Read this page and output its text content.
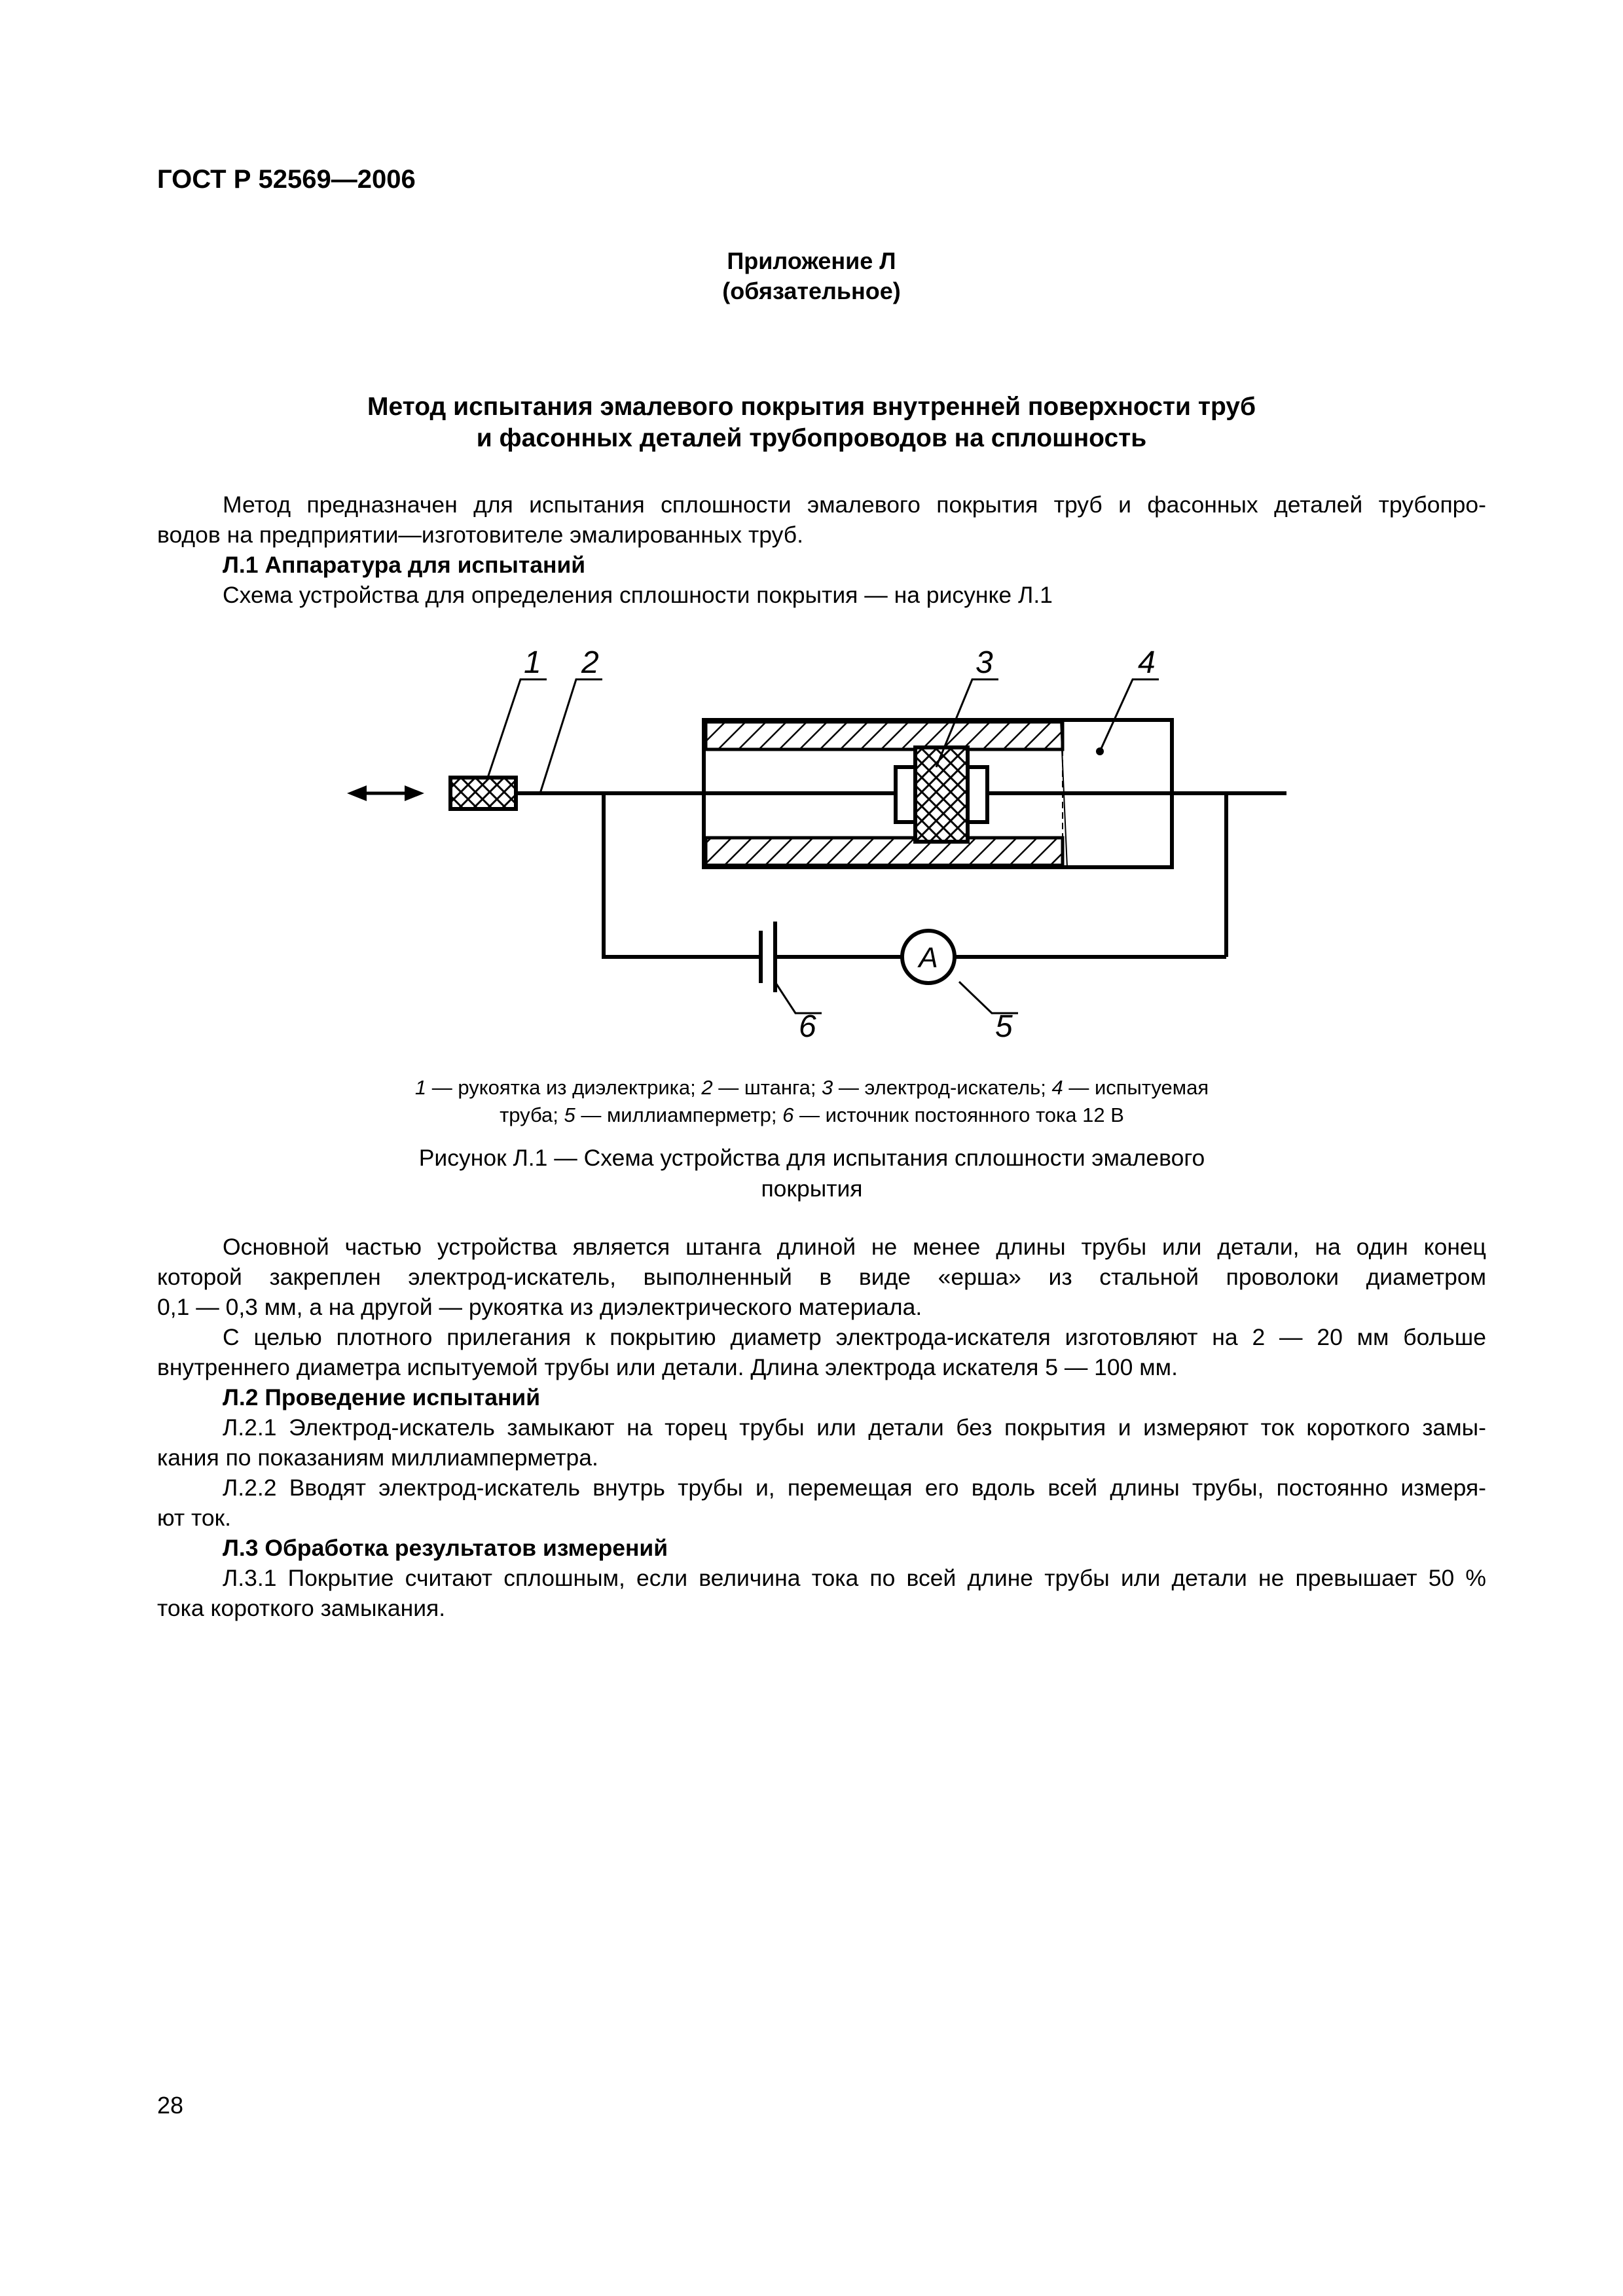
ГОСТ Р 52569—2006
Приложение Л
(обязательное)
Метод испытания эмалевого покрытия внутренней поверхности труб
и фасонных деталей трубопроводов на сплошность
Метод предназначен для испытания сплошности эмалевого покрытия труб и фасонных деталей трубопро-
водов на предприятии—изготовителе эмалированных труб.
Л.1 Аппаратура для испытаний
Схема устройства для определения сплошности покрытия — на рисунке Л.1
A
1 2	3	4
5
6
1 — рукоятка из диэлектрика; 2 — штанга; 3 — электрод-искатель; 4 — испытуемая
труба; 5 — миллиамперметр; 6 — источник постоянного тока 12 В
Рисунок Л.1 — Схема устройства для испытания сплошности эмалевого
покрытия
Основной частью устройства является штанга длиной не менее длины трубы или детали, на один конец
которой закреплен электрод-искатель, выполненный в виде «ерша» из стальной проволоки диаметром
0,1 — 0,3 мм, а на другой — рукоятка из диэлектрического материала.
С целью плотного прилегания к покрытию диаметр электрода-искателя изготовляют на 2 — 20 мм больше
внутреннего диаметра испытуемой трубы или детали. Длина электрода искателя 5 — 100 мм.
Л.2 Проведение испытаний
Л.2.1 Электрод-искатель замыкают на торец трубы или детали без покрытия и измеряют ток короткого замы-
кания по показаниям миллиамперметра.
Л.2.2 Вводят электрод-искатель внутрь трубы и, перемещая его вдоль всей длины трубы, постоянно измеря-
ют ток.
Л.3 Обработка результатов измерений
Л.3.1 Покрытие считают сплошным, если величина тока по всей длине трубы или детали не превышает 50 %
тока короткого замыкания.
28
